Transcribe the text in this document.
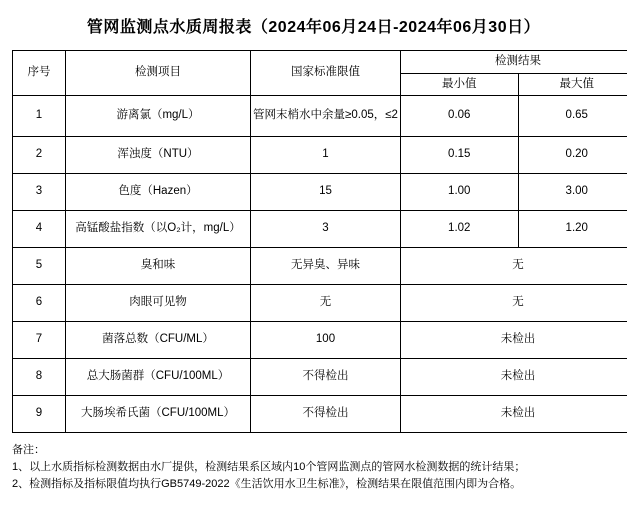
管网监测点水质周报表（2024年06月24日-2024年06月30日）
序号	检测项目	国家标准限值	检测结果	
			最小值	最大值
1	游离氯（mg/L）	管网末梢水中余量≥0.05，≤2	0.06	0.65
2	浑浊度（NTU）	1	0.15	0.20
3	色度（Hazen）	15	1.00	3.00
4	高锰酸盐指数（以O₂计，mg/L）	3	1.02	1.20
5	臭和味	无异臭、异味	无	
6	肉眼可见物	无	无	
7	菌落总数（CFU/ML）	100	未检出	
8	总大肠菌群（CFU/100ML）	不得检出	未检出	
9	大肠埃希氏菌（CFU/100ML）	不得检出	未检出	
备注：
1、以上水质指标检测数据由水厂提供，检测结果系区域内10个管网监测点的管网水检测数据的统计结果；
2、检测指标及指标限值均执行GB5749-2022《生活饮用水卫生标准》，检测结果在限值范围内即为合格。
